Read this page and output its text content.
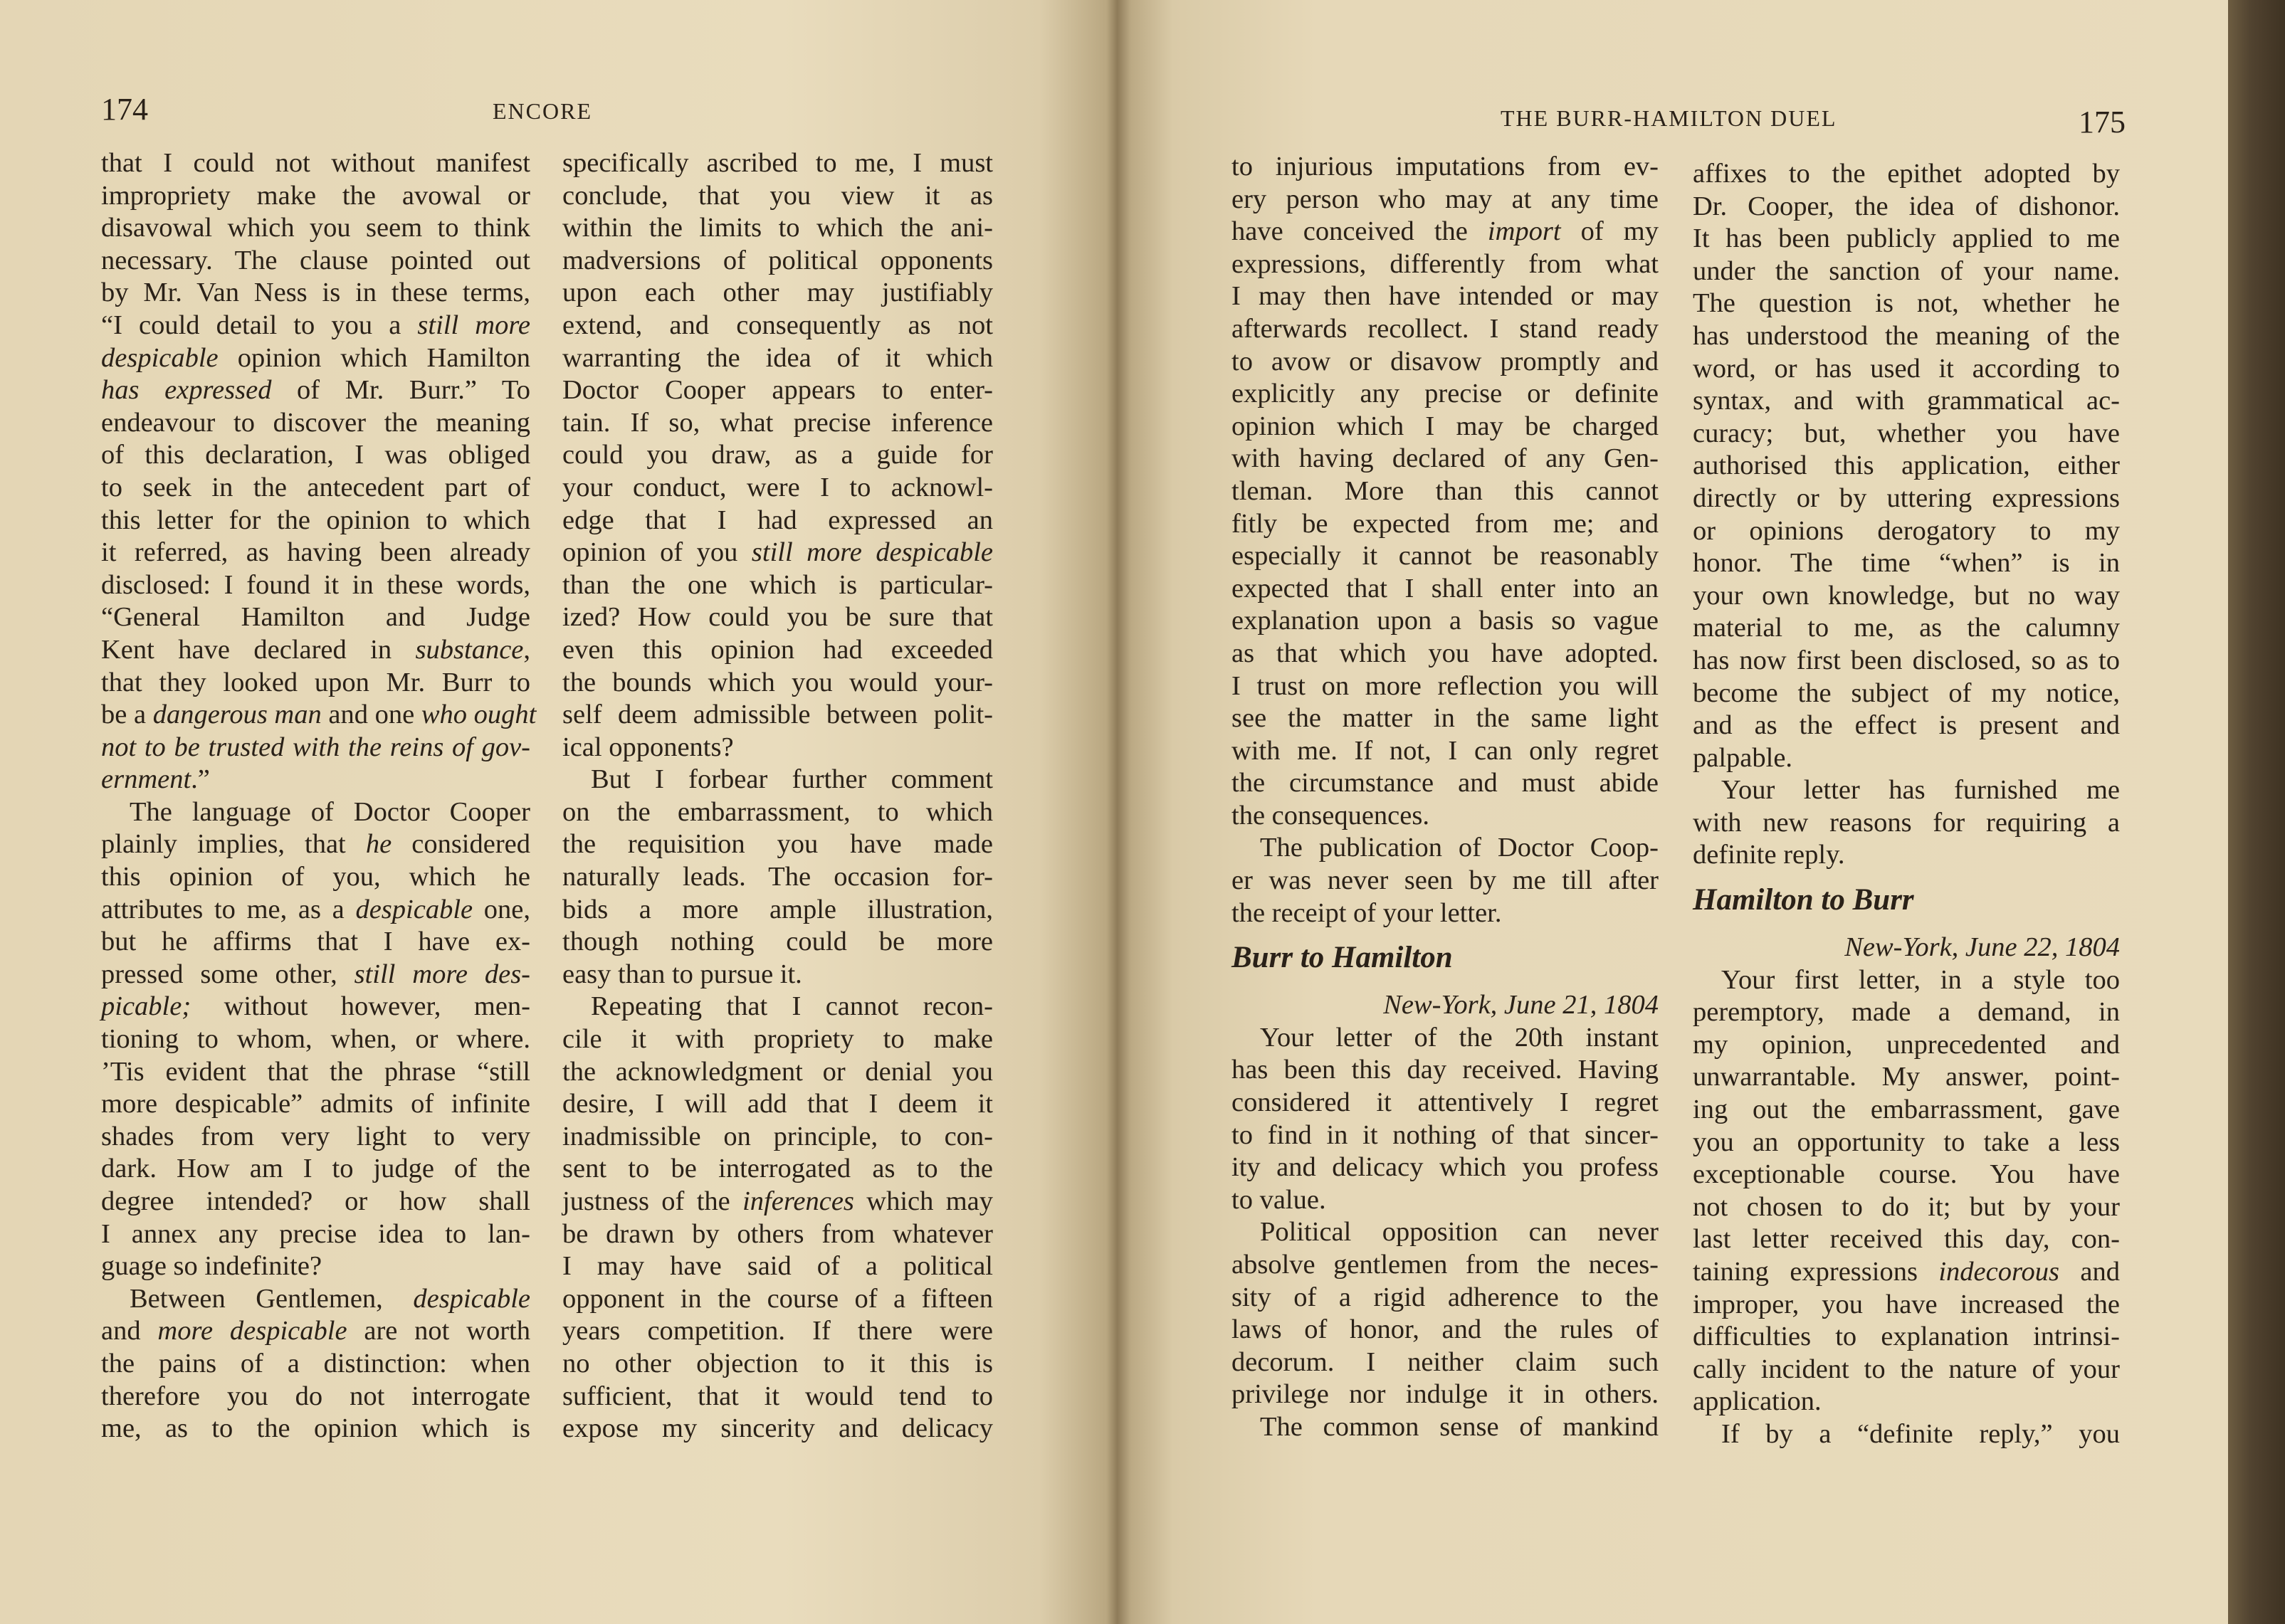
174	ENCORE
that I could not without manifest
impropriety make the avowal or
disavowal which you seem to think
necessary. The clause pointed out
by Mr. Van Ness is in these terms,
“I could detail to you a still more
despicable opinion which Hamilton
has expressed of Mr. Burr.” To
endeavour to discover the meaning
of this declaration, I was obliged
to seek in the antecedent part of
this letter for the opinion to which
it referred, as having been already
disclosed: I found it in these words,
“General Hamilton and Judge
Kent have declared in substance,
that they looked upon Mr. Burr to
be a dangerous man and one who ought
not to be trusted with the reins of gov-
ernment.”
The language of Doctor Cooper
plainly implies, that he considered
this opinion of you, which he
attributes to me, as a despicable one,
but he affirms that I have ex-
pressed some other, still more des-
picable; without however, men-
tioning to whom, when, or where.
’Tis evident that the phrase “still
more despicable” admits of infinite
shades from very light to very
dark. How am I to judge of the
degree intended? or how shall
I annex any precise idea to lan-
guage so indefinite?
Between Gentlemen, despicable
and more despicable are not worth
the pains of a distinction: when
therefore you do not interrogate
me, as to the opinion which is
specifically ascribed to me, I must
conclude, that you view it as
within the limits to which the ani-
madversions of political opponents
upon each other may justifiably
extend, and consequently as not
warranting the idea of it which
Doctor Cooper appears to enter-
tain. If so, what precise inference
could you draw, as a guide for
your conduct, were I to acknowl-
edge that I had expressed an
opinion of you still more despicable
than the one which is particular-
ized? How could you be sure that
even this opinion had exceeded
the bounds which you would your-
self deem admissible between polit-
ical opponents?
But I forbear further comment
on the embarrassment, to which
the requisition you have made
naturally leads. The occasion for-
bids a more ample illustration,
though nothing could be more
easy than to pursue it.
Repeating that I cannot recon-
cile it with propriety to make
the acknowledgment or denial you
desire, I will add that I deem it
inadmissible on principle, to con-
sent to be interrogated as to the
justness of the inferences which may
be drawn by others from whatever
I may have said of a political
opponent in the course of a fifteen
years competition. If there were
no other objection to it this is
sufficient, that it would tend to
expose my sincerity and delicacy
THE BURR-HAMILTON DUEL	175
to injurious imputations from ev-
ery person who may at any time
have conceived the import of my
expressions, differently from what
I may then have intended or may
afterwards recollect. I stand ready
to avow or disavow promptly and
explicitly any precise or definite
opinion which I may be charged
with having declared of any Gen-
tleman. More than this cannot
fitly be expected from me; and
especially it cannot be reasonably
expected that I shall enter into an
explanation upon a basis so vague
as that which you have adopted.
I trust on more reflection you will
see the matter in the same light
with me. If not, I can only regret
the circumstance and must abide
the consequences.
The publication of Doctor Coop-
er was never seen by me till after
the receipt of your letter.
Burr to Hamilton
New-York, June 21, 1804
Your letter of the 20th instant
has been this day received. Having
considered it attentively I regret
to find in it nothing of that sincer-
ity and delicacy which you profess
to value.
Political opposition can never
absolve gentlemen from the neces-
sity of a rigid adherence to the
laws of honor, and the rules of
decorum. I neither claim such
privilege nor indulge it in others.
The common sense of mankind
affixes to the epithet adopted by
Dr. Cooper, the idea of dishonor.
It has been publicly applied to me
under the sanction of your name.
The question is not, whether he
has understood the meaning of the
word, or has used it according to
syntax, and with grammatical ac-
curacy; but, whether you have
authorised this application, either
directly or by uttering expressions
or opinions derogatory to my
honor. The time “when” is in
your own knowledge, but no way
material to me, as the calumny
has now first been disclosed, so as to
become the subject of my notice,
and as the effect is present and
palpable.
Your letter has furnished me
with new reasons for requiring a
definite reply.
Hamilton to Burr
New-York, June 22, 1804
Your first letter, in a style too
peremptory, made a demand, in
my opinion, unprecedented and
unwarrantable. My answer, point-
ing out the embarrassment, gave
you an opportunity to take a less
exceptionable course. You have
not chosen to do it; but by your
last letter received this day, con-
taining expressions indecorous and
improper, you have increased the
difficulties to explanation intrinsi-
cally incident to the nature of your
application.
If by a “definite reply,” you
